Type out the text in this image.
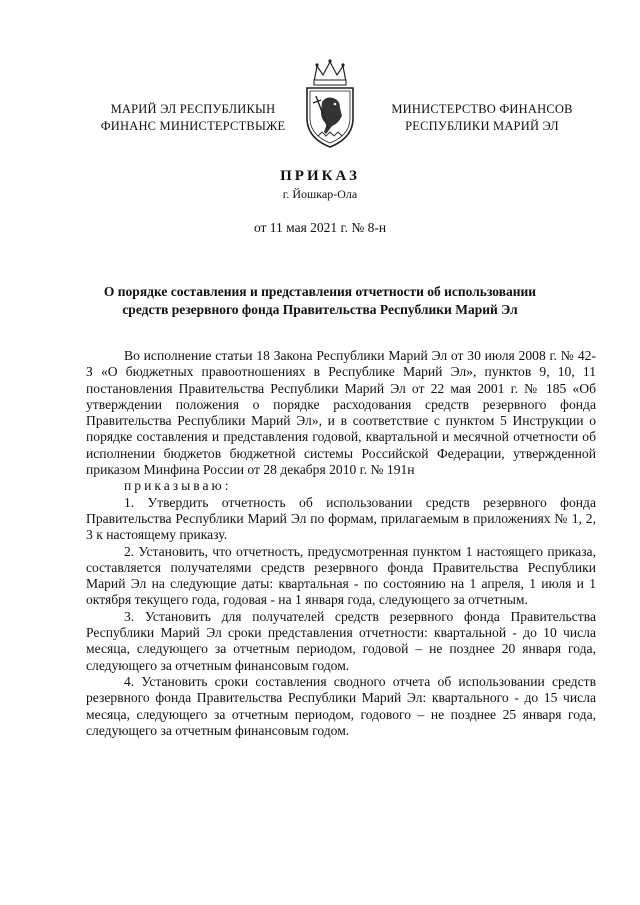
МАРИЙ ЭЛ РЕСПУБЛИКЫН
ФИНАНС МИНИСТЕРСТВЫЖЕ
МИНИСТЕРСТВО ФИНАНСОВ
РЕСПУБЛИКИ МАРИЙ ЭЛ
ПРИКАЗ
г. Йошкар-Ола
от 11 мая 2021 г. № 8-н
О порядке составления и представления отчетности об использовании
средств резервного фонда Правительства Республики Марий Эл

Во исполнение статьи 18 Закона Республики Марий Эл от 30 июля 2008 г. № 42-З «О бюджетных правоотношениях в Республике Марий Эл», пунктов 9, 10, 11 постановления Правительства Республики Марий Эл от 22 мая 2001 г. № 185 «Об утверждении положения о порядке расходования средств резервного фонда Правительства Республики Марий Эл», и в соответствие с пунктом 5 Инструкции о порядке составления и представления годовой, квартальной и месячной отчетности об исполнении бюджетов бюджетной системы Российской Федерации, утвержденной приказом Минфина России от 28 декабря 2010 г. № 191н

приказываю:

1. Утвердить отчетность об использовании средств резервного фонда Правительства Республики Марий Эл по формам, прилагаемым в приложениях № 1, 2, 3 к настоящему приказу.

2. Установить, что отчетность, предусмотренная пунктом 1 настоящего приказа, составляется получателями средств резервного фонда Правительства Республики Марий Эл на следующие даты: квартальная - по состоянию на 1 апреля, 1 июля и 1 октября текущего года, годовая - на 1 января года, следующего за отчетным.

3. Установить для получателей средств резервного фонда Правительства Республики Марий Эл сроки представления отчетности: квартальной - до 10 числа месяца, следующего за отчетным периодом, годовой – не позднее 20 января года, следующего за отчетным финансовым годом.

4. Установить сроки составления сводного отчета об использовании средств резервного фонда Правительства Республики Марий Эл: квартального - до 15 числа месяца, следующего за отчетным периодом, годового – не позднее 25 января года, следующего за отчетным финансовым годом.
